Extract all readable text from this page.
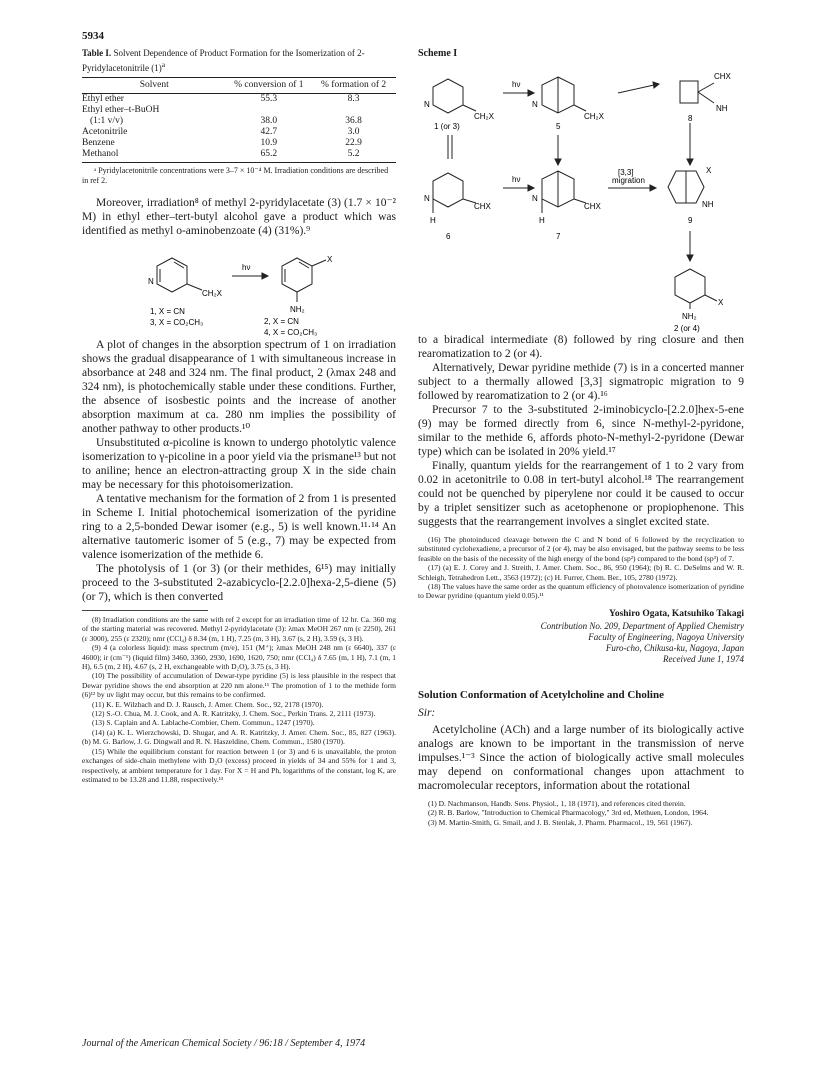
5934
Table I. Solvent Dependence of Product Formation for the Isomerization of 2-Pyridylacetonitrile $(1)^a$
Solvent	% conversion of 1	% formation of 2
Ethyl ether	55.3	8.3
Ethyl ether–t-BuOH		
(1:1 v/v)	38.0	36.8
Acetonitrile	42.7	3.0
Benzene	10.9	22.9
Methanol	65.2	5.2
ᵃ Pyridylacetonitrile concentrations were 3–7 × 10⁻⁴ M. Irradiation conditions are described in ref 2.

Moreover, irradiation⁸ of methyl 2-pyridylacetate (3) (1.7 × 10⁻² M) in ethyl ether–tert-butyl alcohol gave a product which was identified as methyl o-aminobenzoate (4) (31%).⁹

N
CH₂X
hν
X
NH₂
1, X = CN
3, X = CO₂CH₃	2, X = CN
4, X = CO₂CH₃

A plot of changes in the absorption spectrum of 1 on irradiation shows the gradual disappearance of 1 with simultaneous increase in absorbance at 248 and 324 nm. The final product, 2 (λmax 248 and 324 nm), is photochemically stable under these conditions. Further, the absence of isosbestic points and the increase of another absorption maximum at ca. 280 nm implies the possibility of another pathway to other products.¹⁰

Unsubstituted α-picoline is known to undergo photolytic valence isomerization to γ-picoline in a poor yield via the prismane¹³ but not to aniline; hence an electron-attracting group X in the side chain may be necessary for this photoisomerization.

A tentative mechanism for the formation of 2 from 1 is presented in Scheme I. Initial photochemical isomerization of the pyridine ring to a 2,5-bonded Dewar isomer (e.g., 5) is well known.¹¹·¹⁴ An alternative tautomeric isomer of 5 (e.g., 7) may be expected from valence isomerization of the methide 6.

The photolysis of 1 (or 3) (or their methides, 6¹⁵) may initially proceed to the 3-substituted 2-azabicyclo-[2.2.0]hexa-2,5-diene (5) (or 7), which is then converted

(8) Irradiation conditions are the same with ref 2 except for an irradiation time of 12 hr. Ca. 360 mg of the starting material was recovered. Methyl 2-pyridylacetate (3): λmax MeOH 267 nm (ε 2250), 261 (ε 3000), 255 (ε 2320); nmr (CCl₄) δ 8.34 (m, 1 H), 7.25 (m, 3 H), 3.67 (s, 2 H), 3.59 (s, 3 H).

(9) 4 (a colorless liquid): mass spectrum (m/e), 151 (M⁺); λmax MeOH 248 nm (ε 6640), 337 (ε 4600); ir (cm⁻¹) (liquid film) 3460, 3360, 2930, 1690, 1620, 750; nmr (CCl₄) δ 7.65 (m, 1 H), 7.1 (m, 1 H), 6.5 (m, 2 H), 4.67 (s, 2 H, exchangeable with D₂O), 3.75 (s, 3 H).

(10) The possibility of accumulation of Dewar-type pyridine (5) is less plausible in the respect that Dewar pyridine shows the end absorption at 220 nm alone.¹¹ The promotion of 1 to the methide form (6)¹² by uv light may occur, but this remains to be confirmed.

(11) K. E. Wilzbach and D. J. Rausch, J. Amer. Chem. Soc., 92, 2178 (1970).

(12) S.-O. Chua, M. J. Cook, and A. R. Katritzky, J. Chem. Soc., Perkin Trans. 2, 2111 (1973).

(13) S. Caplain and A. Lablache-Combier, Chem. Commun., 1247 (1970).

(14) (a) K. L. Wierzchowski, D. Shugar, and A. R. Katritzky, J. Amer. Chem. Soc., 85, 827 (1963). (b) M. G. Barlow, J. G. Dingwall and R. N. Haszeldine, Chem. Commun., 1580 (1970).

(15) While the equilibrium constant for reaction between 1 (or 3) and 6 is unavailable, the proton exchanges of side-chain methylene with D₂O (excess) proceed in yields of 34 and 55% for 1 and 3, respectively, at ambient temperature for 1 day. For X = H and Ph, logarithms of the constant, log K, are estimated to be 13.28 and 11.88, respectively.¹³

Scheme I
N
CH₂X
hν
N
CH₂X
CHX
NH
1 (or 3)	5
8
N
CHX
H
6
hν
N
CHX
H
7
[3,3]
migration
X
NH
9
X
NH₂
2 (or 4)

to a biradical intermediate (8) followed by ring closure and then rearomatization to 2 (or 4).

Alternatively, Dewar pyridine methide (7) is in a concerted manner subject to a thermally allowed [3,3] sigmatropic migration to 9 followed by rearomatization to 2 (or 4).¹⁶

Precursor 7 to the 3-substituted 2-iminobicyclo-[2.2.0]hex-5-ene (9) may be formed directly from 6, since N-methyl-2-pyridone, similar to the methide 6, affords photo-N-methyl-2-pyridone (Dewar type) which can be isolated in 20% yield.¹⁷

Finally, quantum yields for the rearrangement of 1 to 2 vary from 0.02 in acetonitrile to 0.08 in tert-butyl alcohol.¹⁸ The rearrangement could not be quenched by piperylene nor could it be caused to occur by a triplet sensitizer such as acetophenone or propiophenone. This suggests that the rearrangement involves a singlet excited state.

(16) The photoinduced cleavage between the C and N bond of 6 followed by the recyclization to substituted cyclohexadiene, a precursor of 2 (or 4), may be also envisaged, but the pathway seems to be less feasible on the basis of the necessity of the high energy of the bond (sp²) compared to the bond (sp³) of 7.

(17) (a) E. J. Corey and J. Streith, J. Amer. Chem. Soc., 86, 950 (1964); (b) R. C. DeSelms and W. R. Schleigh, Tetrahedron Lett., 3563 (1972); (c) H. Furrer, Chem. Ber., 105, 2780 (1972).

(18) The values have the same order as the quantum efficiency of photovalence isomerization of pyridine to Dewar pyridine (quantum yield 0.05).¹¹

Yoshiro Ogata, Katsuhiko Takagi
Contribution No. 209, Department of Applied Chemistry
Faculty of Engineering, Nagoya University
Furo-cho, Chikusa-ku, Nagoya, Japan
Received June 1, 1974
Solution Conformation of Acetylcholine and Choline
Sir:

Acetylcholine (ACh) and a large number of its biologically active analogs are known to be important in the transmission of nerve impulses.¹⁻³ Since the action of biologically active small molecules may depend on conformational changes upon attachment to macromolecular receptors, information about the rotational

(1) D. Nachmanson, Handb. Sens. Physiol., 1, 18 (1971), and references cited therein.

(2) R. B. Barlow, "Introduction to Chemical Pharmacology," 3rd ed, Methuen, London, 1964.

(3) M. Martin-Smith, G. Smail, and J. B. Stenlak, J. Pharm. Pharmacol., 19, 561 (1967).

Journal of the American Chemical Society / 96:18 / September 4, 1974
